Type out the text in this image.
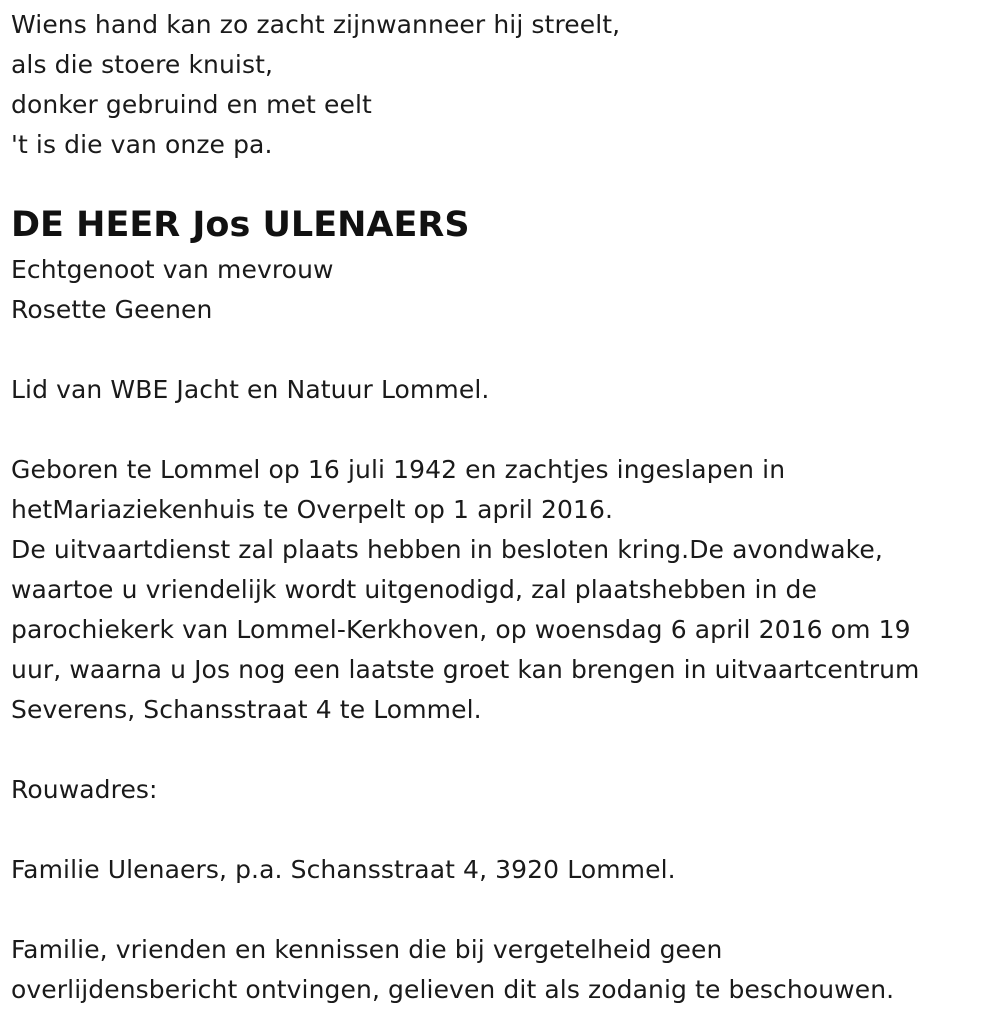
Wiens hand kan zo zacht zijnwanneer hij streelt,
als die stoere knuist,
donker gebruind en met eelt
't is die van onze pa.
DE HEER Jos ULENAERS
Echtgenoot van mevrouw
Rosette Geenen
Lid van WBE Jacht en Natuur Lommel.
Geboren te Lommel op 16 juli 1942 en zachtjes ingeslapen in
hetMariaziekenhuis te Overpelt op 1 april 2016.
De uitvaartdienst zal plaats hebben in besloten kring.De avondwake,
waartoe u vriendelijk wordt uitgenodigd, zal plaatshebben in de
parochiekerk van Lommel-Kerkhoven, op woensdag 6 april 2016 om 19
uur, waarna u Jos nog een laatste groet kan brengen in uitvaartcentrum
Severens, Schansstraat 4 te Lommel.
Rouwadres:
Familie Ulenaers, p.a. Schansstraat 4, 3920 Lommel.
Familie, vrienden en kennissen die bij vergetelheid geen
overlijdensbericht ontvingen, gelieven dit als zodanig te beschouwen.
